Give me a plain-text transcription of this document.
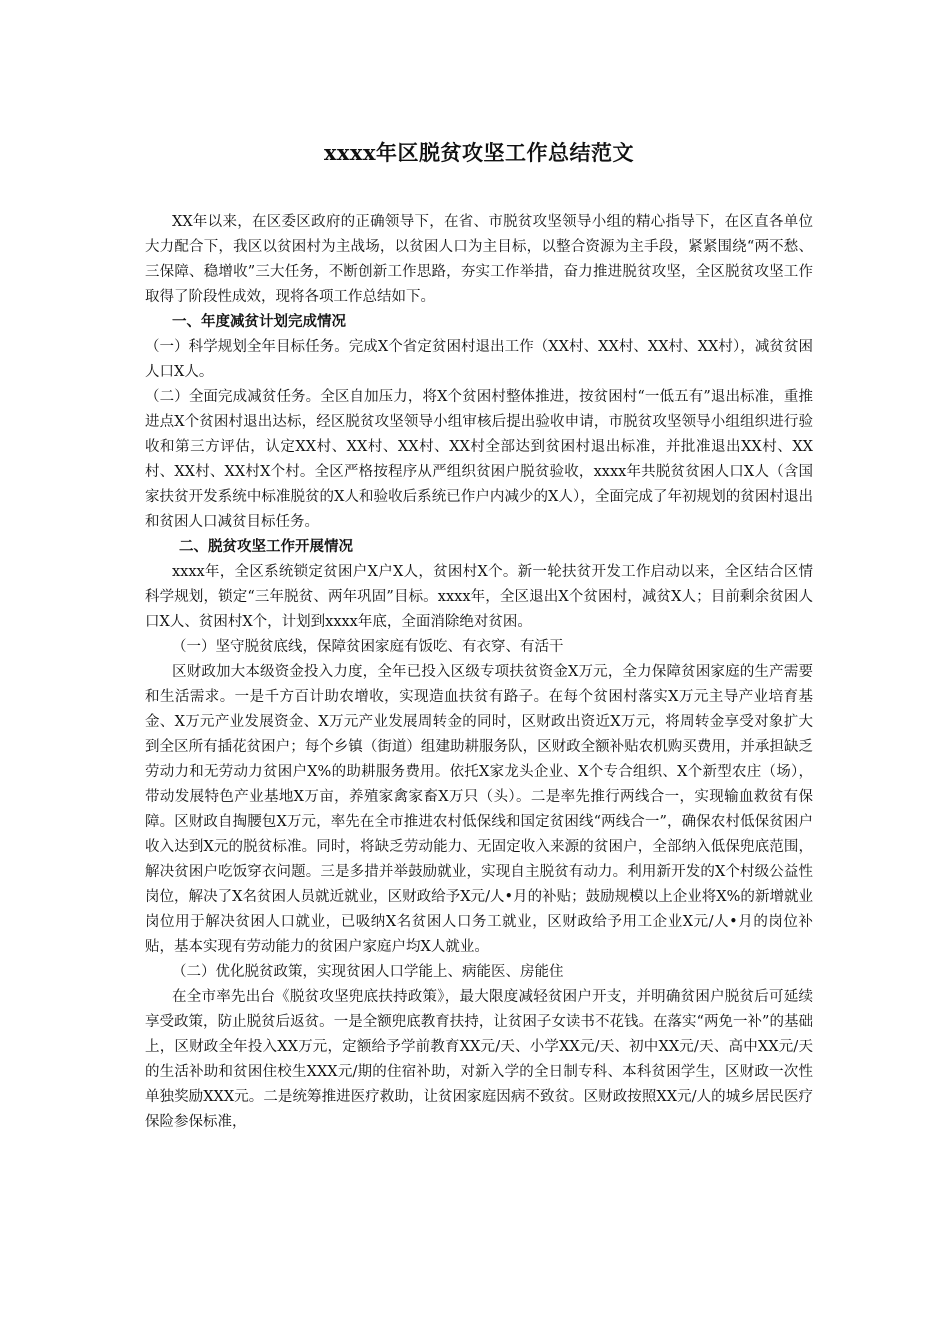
xxxx年区脱贫攻坚工作总结范文

XX年以来，在区委区政府的正确领导下，在省、市脱贫攻坚领导小组的精心指导下，在区直各单位大力配合下，我区以贫困村为主战场，以贫困人口为主目标，以整合资源为主手段，紧紧围绕“两不愁、三保障、稳增收”三大任务，不断创新工作思路，夯实工作举措，奋力推进脱贫攻坚，全区脱贫攻坚工作取得了阶段性成效，现将各项工作总结如下。

一、年度减贫计划完成情况

（一）科学规划全年目标任务。完成X个省定贫困村退出工作（XX村、XX村、XX村、XX村），减贫贫困人口X人。

（二）全面完成减贫任务。全区自加压力，将X个贫困村整体推进，按贫困村“一低五有”退出标准，重推进点X个贫困村退出达标，经区脱贫攻坚领导小组审核后提出验收申请，市脱贫攻坚领导小组组织进行验收和第三方评估，认定XX村、XX村、XX村、XX村全部达到贫困村退出标准，并批准退出XX村、XX村、XX村、XX村X个村。全区严格按程序从严组织贫困户脱贫验收，xxxx年共脱贫贫困人口X人（含国家扶贫开发系统中标准脱贫的X人和验收后系统已作户内减少的X人），全面完成了年初规划的贫困村退出和贫困人口减贫目标任务。

二、脱贫攻坚工作开展情况

xxxx年，全区系统锁定贫困户X户X人，贫困村X个。新一轮扶贫开发工作启动以来，全区结合区情科学规划，锁定“三年脱贫、两年巩固”目标。xxxx年，全区退出X个贫困村，减贫X人；目前剩余贫困人口X人、贫困村X个，计划到xxxx年底，全面消除绝对贫困。

（一）坚守脱贫底线，保障贫困家庭有饭吃、有衣穿、有活干

区财政加大本级资金投入力度，全年已投入区级专项扶贫资金X万元，全力保障贫困家庭的生产需要和生活需求。一是千方百计助农增收，实现造血扶贫有路子。在每个贫困村落实X万元主导产业培育基金、X万元产业发展资金、X万元产业发展周转金的同时，区财政出资近X万元，将周转金享受对象扩大到全区所有插花贫困户；每个乡镇（街道）组建助耕服务队，区财政全额补贴农机购买费用，并承担缺乏劳动力和无劳动力贫困户X%的助耕服务费用。依托X家龙头企业、X个专合组织、X个新型农庄（场），带动发展特色产业基地X万亩，养殖家禽家畜X万只（头）。二是率先推行两线合一，实现输血救贫有保障。区财政自掏腰包X万元，率先在全市推进农村低保线和国定贫困线“两线合一”，确保农村低保贫困户收入达到X元的脱贫标准。同时，将缺乏劳动能力、无固定收入来源的贫困户，全部纳入低保兜底范围，解决贫困户吃饭穿衣问题。三是多措并举鼓励就业，实现自主脱贫有动力。利用新开发的X个村级公益性岗位，解决了X名贫困人员就近就业，区财政给予X元/人•月的补贴；鼓励规模以上企业将X%的新增就业岗位用于解决贫困人口就业，已吸纳X名贫困人口务工就业，区财政给予用工企业X元/人•月的岗位补贴，基本实现有劳动能力的贫困户家庭户均X人就业。

（二）优化脱贫政策，实现贫困人口学能上、病能医、房能住

在全市率先出台《脱贫攻坚兜底扶持政策》，最大限度减轻贫困户开支，并明确贫困户脱贫后可延续享受政策，防止脱贫后返贫。一是全额兜底教育扶持，让贫困子女读书不花钱。在落实“两免一补”的基础上，区财政全年投入XX万元，定额给予学前教育XX元/天、小学XX元/天、初中XX元/天、高中XX元/天的生活补助和贫困住校生XXX元/期的住宿补助，对新入学的全日制专科、本科贫困学生，区财政一次性单独奖励XXX元。二是统筹推进医疗救助，让贫困家庭因病不致贫。区财政按照XX元/人的城乡居民医疗保险参保标准，
